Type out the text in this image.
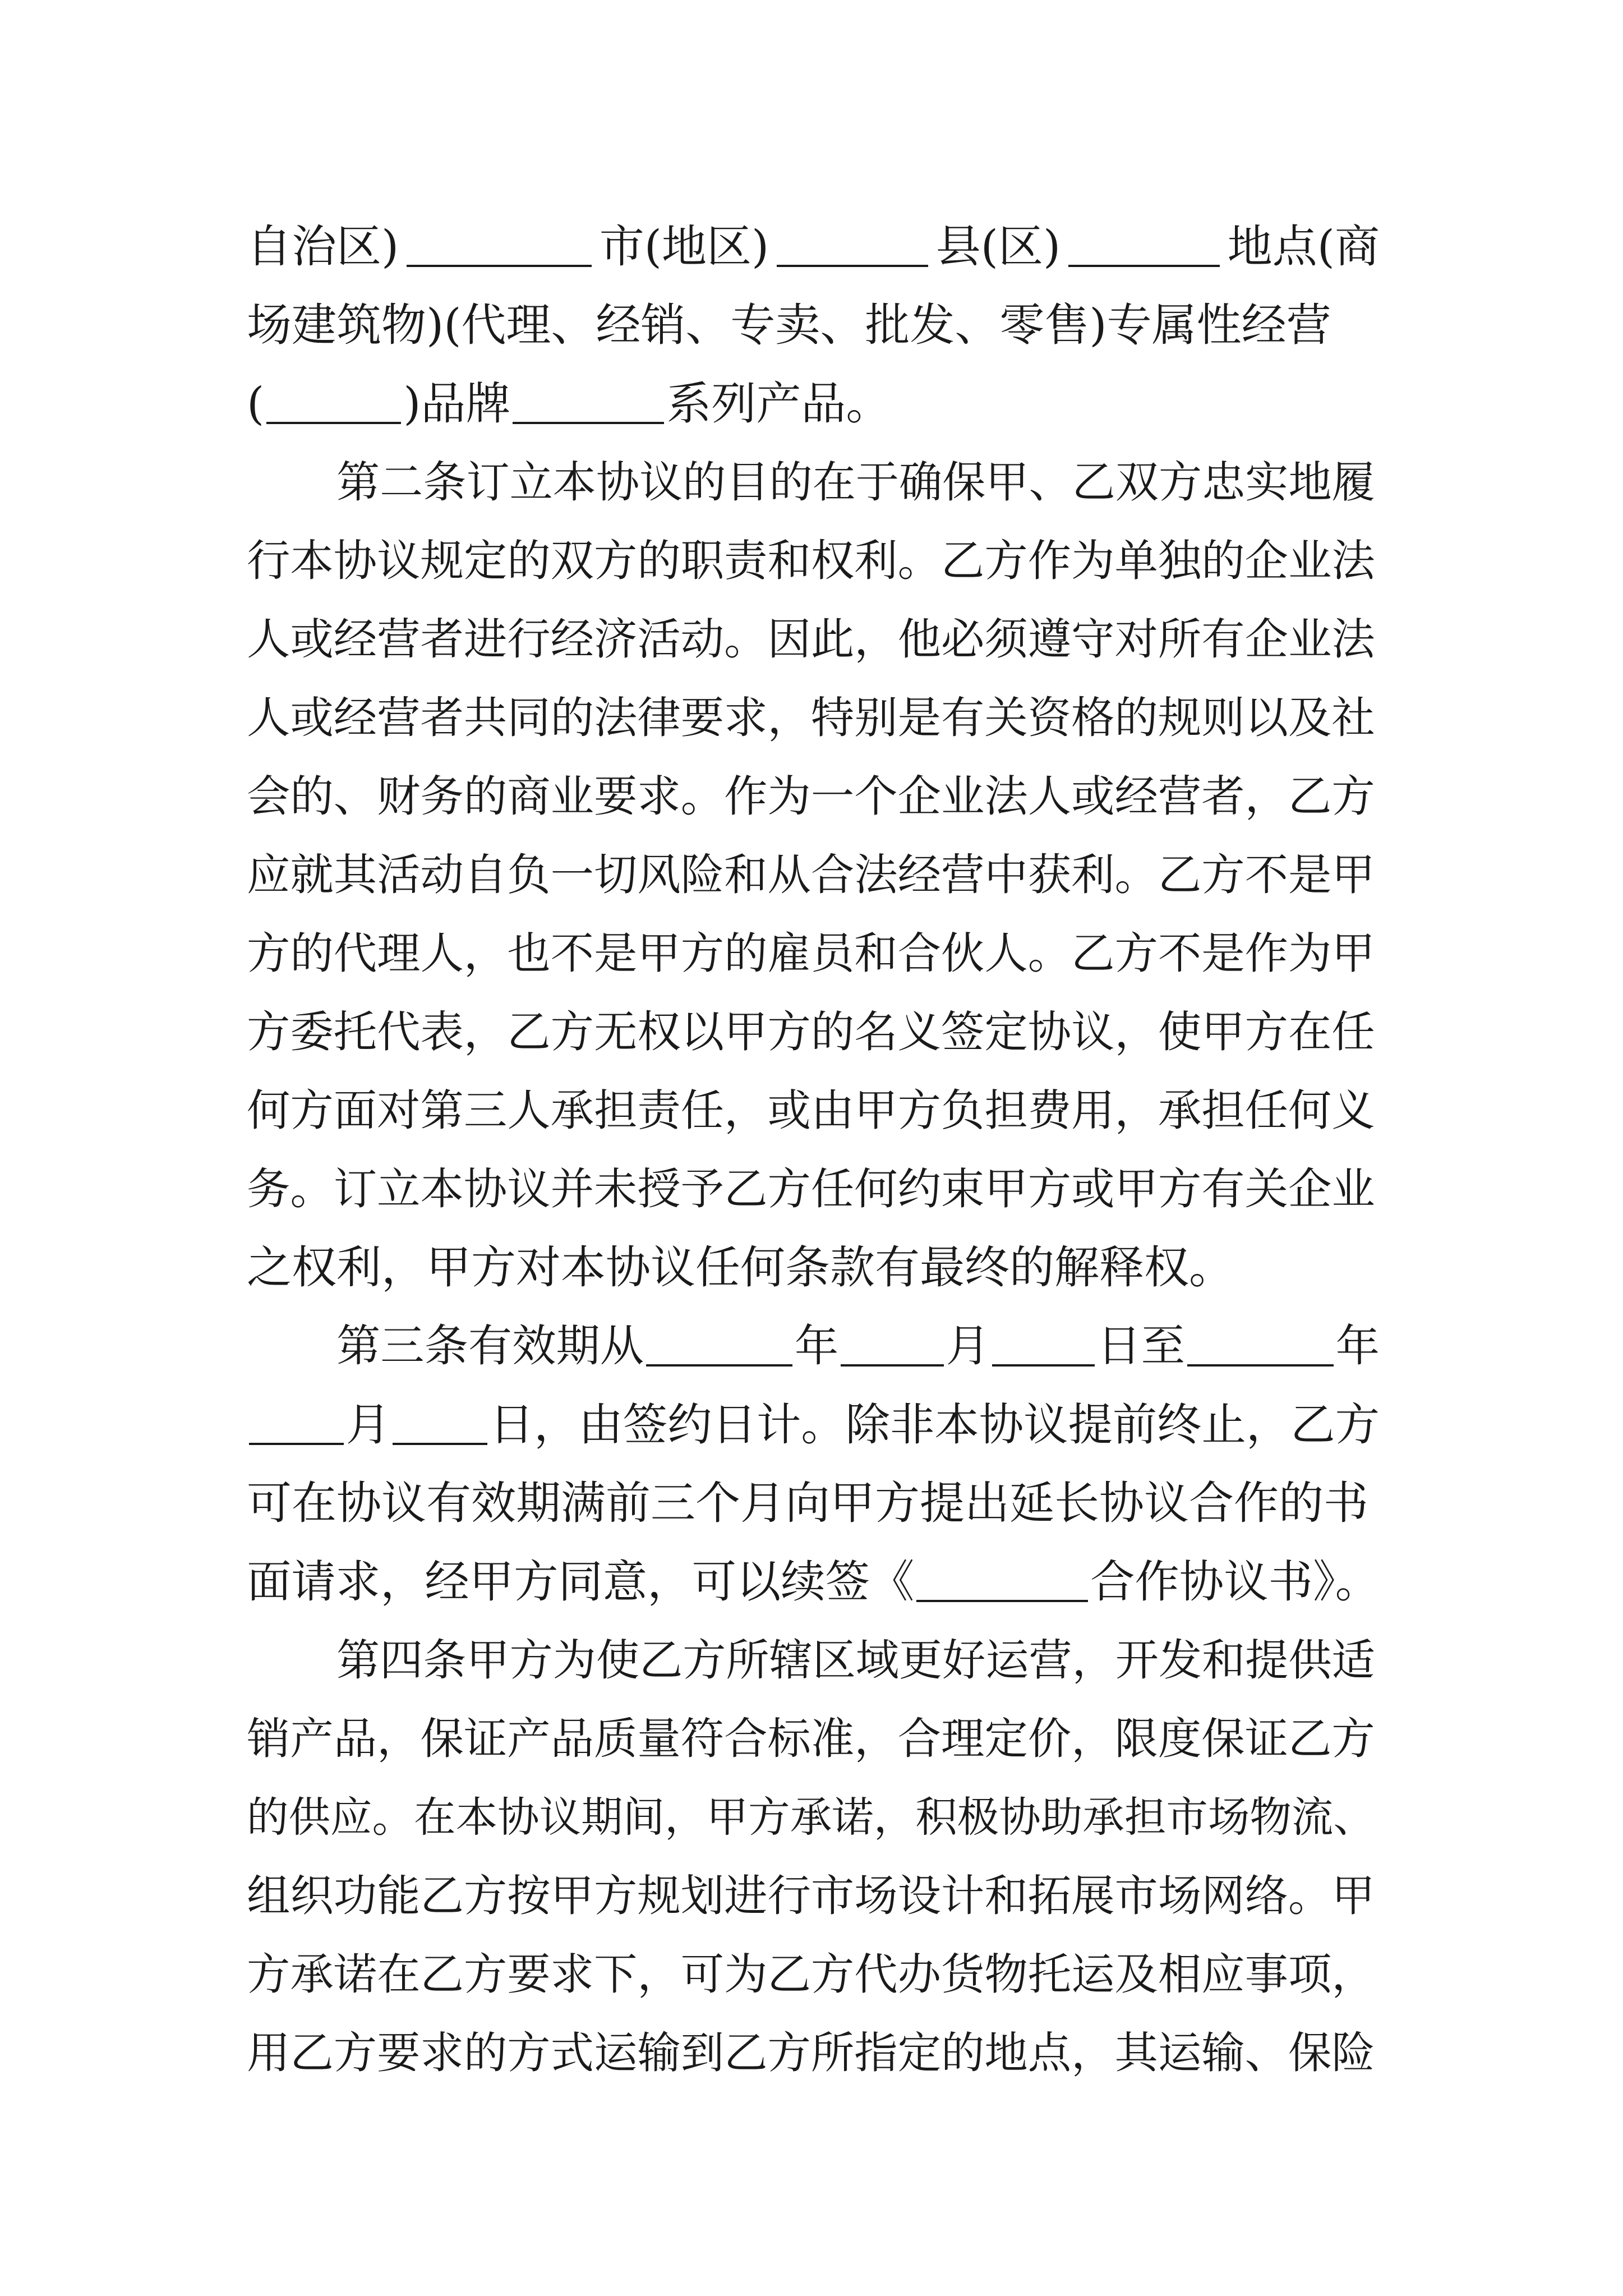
自治区)	市(地区)	县(区)	地点(商
场建筑物)(代理、经销、专卖、批发、零售)专属性经营
(	)品牌	系列产品。
第二条订立本协议的目的在于确保甲、乙双方忠实地履
行本协议规定的双方的职责和权利。乙方作为单独的企业法
人或经营者进行经济活动。因此，他必须遵守对所有企业法
人或经营者共同的法律要求，特别是有关资格的规则以及社
会的、财务的商业要求。作为一个企业法人或经营者，乙方
应就其活动自负一切风险和从合法经营中获利。乙方不是甲
方的代理人，也不是甲方的雇员和合伙人。乙方不是作为甲
方委托代表，乙方无权以甲方的名义签定协议，使甲方在任
何方面对第三人承担责任，或由甲方负担费用，承担任何义
务。订立本协议并未授予乙方任何约束甲方或甲方有关企业
之权利，甲方对本协议任何条款有最终的解释权。
第三条有效期从	年 月 日至	年
月 日，由签约日计。除非本协议提前终止，乙方
可在协议有效期满前三个月向甲方提出延长协议合作的书
面请求，经甲方同意，可以续签《	合作协议书》。
第四条甲方为使乙方所辖区域更好运营，开发和提供适
销产品，保证产品质量符合标准，合理定价，限度保证乙方
的供应。在本协议期间，甲方承诺，积极协助承担市场物流、
组织功能乙方按甲方规划进行市场设计和拓展市场网络。甲
方承诺在乙方要求下，可为乙方代办货物托运及相应事项，
用乙方要求的方式运输到乙方所指定的地点，其运输、保险
